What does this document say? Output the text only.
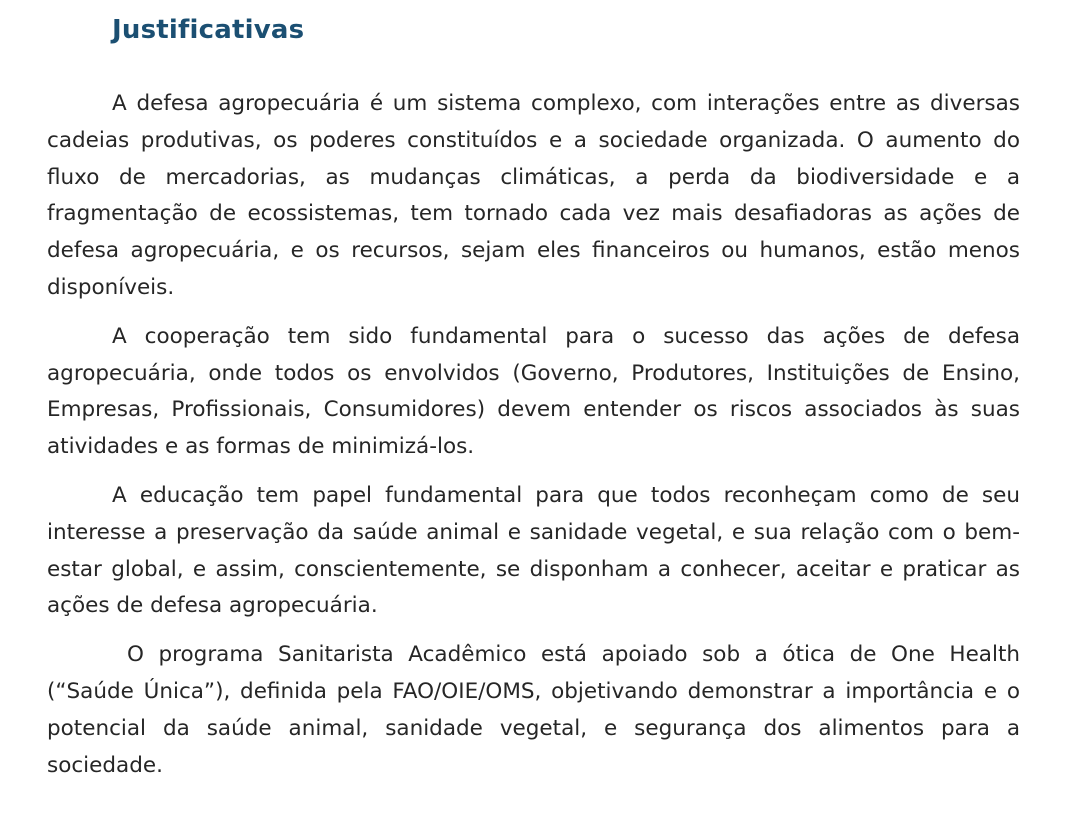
Justificativas

A defesa agropecuária é um sistema complexo, com interações entre as diversas cadeias produtivas, os poderes constituídos e a sociedade organizada. O aumento do fluxo de mercadorias, as mudanças climáticas, a perda da biodiversidade e a fragmentação de ecossistemas, tem tornado cada vez mais desafiadoras as ações de defesa agropecuária, e os recursos, sejam eles financeiros ou humanos, estão menos disponíveis.

A cooperação tem sido fundamental para o sucesso das ações de defesa agropecuária, onde todos os envolvidos (Governo, Produtores, Instituições de Ensino, Empresas, Profissionais, Consumidores) devem entender os riscos associados às suas atividades e as formas de minimizá-los.

A educação tem papel fundamental para que todos reconheçam como de seu interesse a preservação da saúde animal e sanidade vegetal, e sua relação com o bem-estar global, e assim, conscientemente, se disponham a conhecer, aceitar e praticar as ações de defesa agropecuária.

O programa Sanitarista Acadêmico está apoiado sob a ótica de One Health (“Saúde Única”), definida pela FAO/OIE/OMS, objetivando demonstrar a importância e o potencial da saúde animal, sanidade vegetal, e segurança dos alimentos para a sociedade.
